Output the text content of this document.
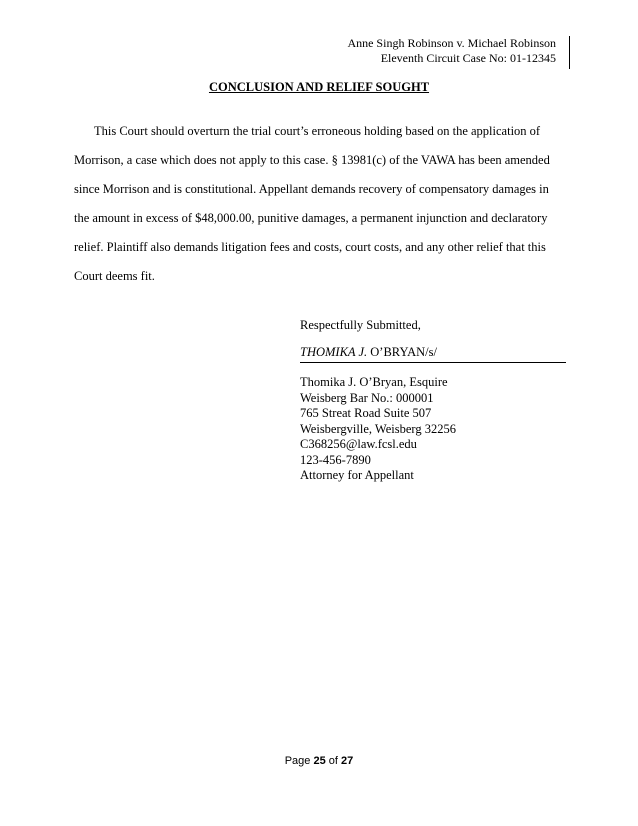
Anne Singh Robinson v. Michael Robinson
Eleventh Circuit Case No: 01-12345
CONCLUSION AND RELIEF SOUGHT
This Court should overturn the trial court’s erroneous holding based on the application of
Morrison, a case which does not apply to this case. § 13981(c) of the VAWA has been amended
since Morrison and is constitutional. Appellant demands recovery of compensatory damages in
the amount in excess of $48,000.00, punitive damages, a permanent injunction and declaratory
relief. Plaintiff also demands litigation fees and costs, court costs, and any other relief that this
Court deems fit.
Respectfully Submitted,
THOMIKA J. O’BRYAN/s/
Thomika J. O’Bryan, Esquire
Weisberg Bar No.: 000001
765 Streat Road Suite 507
Weisbergville, Weisberg 32256
C368256@law.fcsl.edu
123-456-7890
Attorney for Appellant
Page 25 of 27
